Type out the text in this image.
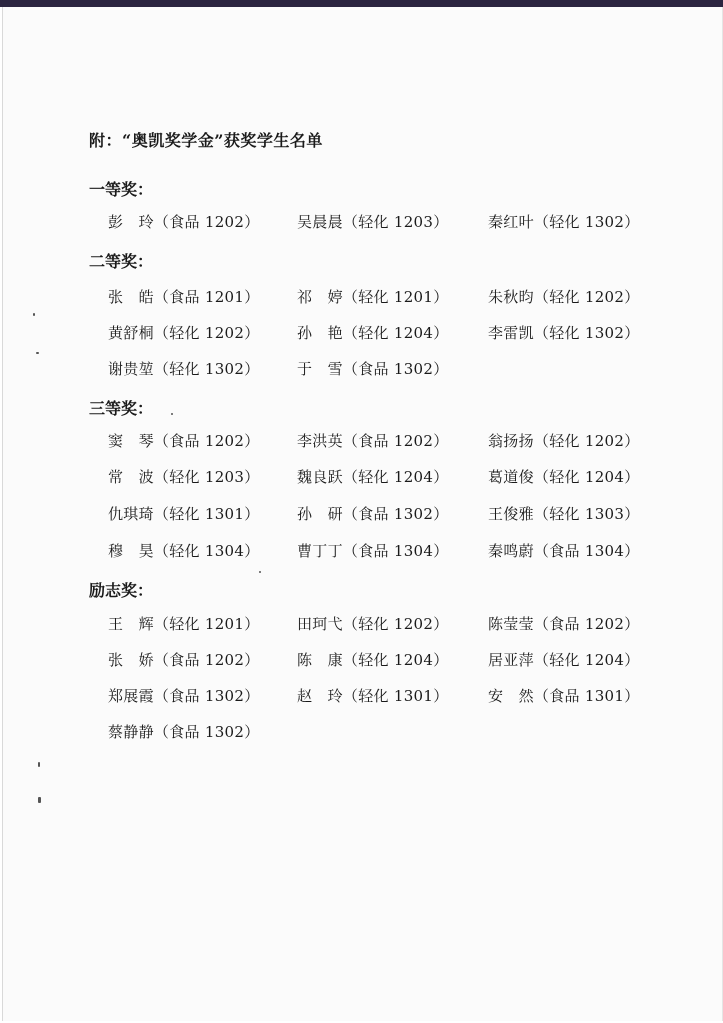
附：“奥凯奖学金”获奖学生名单
一等奖：
彭　玲（食品 1202） 吴晨晨（轻化 1203）	秦红叶（轻化 1302）
二等奖：
张　皓（食品 1201） 祁　婷（轻化 1201）	朱秋昀（轻化 1202）
黄舒桐（轻化 1202） 孙　艳（轻化 1204）	李雷凯（轻化 1302）
谢贵堃（轻化 1302） 于　雪（食品 1302）
三等奖：
窦　琴（食品 1202） 李洪英（食品 1202）	翁扬扬（轻化 1202）
常　波（轻化 1203） 魏良跃（轻化 1204）	葛道俊（轻化 1204）
仇琪琦（轻化 1301） 孙　研（食品 1302）	王俊雅（轻化 1303）
穆　昊（轻化 1304） 曹丁丁（食品 1304）	秦鸣蔚（食品 1304）
励志奖：
王　辉（轻化 1201） 田珂弋（轻化 1202）	陈莹莹（食品 1202）
张　娇（食品 1202） 陈　康（轻化 1204）	居亚萍（轻化 1204）
郑展霞（食品 1302） 赵　玲（轻化 1301）	安　然（食品 1301）
蔡静静（食品 1302）
